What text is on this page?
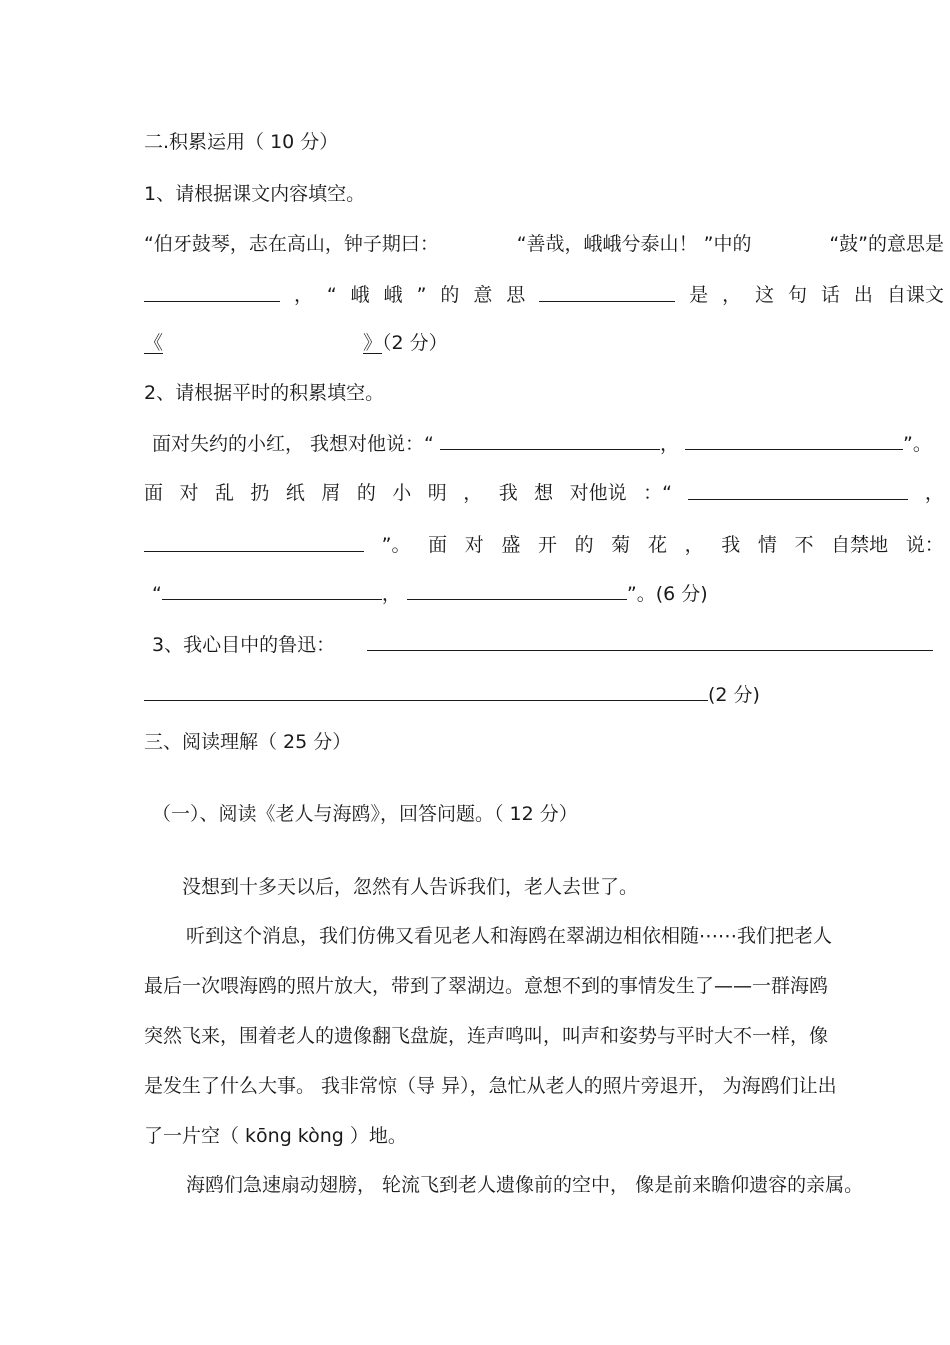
二.积累运用（ 10 分）
1、请根据课文内容填空。
“伯牙鼓琴，志在高山，钟子期曰：	“善哉，峨峨兮泰山！ ”中的	“鼓”的意思是
， “ 峨 峨 ” 的 意 思	是 ， 这 句 话 出 自课文
《	》（2 分）
2、请根据平时的积累填空。
面对失约的小红， 我想对他说：“	，	”。
面 对 乱 扔 纸 屑 的 小 明 ， 我 想 对他说 ：“	，
”。 面 对 盛 开 的 菊 花 ， 我 情 不 自禁地 说：
“	，	”。(6 分)
3、我心目中的鲁迅：
(2 分)
三、阅读理解（ 25 分）
（一）、阅读《老人与海鸥》，回答问题。（ 12 分）
没想到十多天以后，忽然有人告诉我们，老人去世了。
听到这个消息，我们仿佛又看见老人和海鸥在翠湖边相依相随⋯⋯我们把老人
最后一次喂海鸥的照片放大，带到了翠湖边。意想不到的事情发生了——一群海鸥
突然飞来，围着老人的遗像翻飞盘旋，连声鸣叫，叫声和姿势与平时大不一样，像
是发生了什么大事。 我非常惊（导 异），急忙从老人的照片旁退开， 为海鸥们让出
了一片空（ kōng kòng ）地。
海鸥们急速扇动翅膀， 轮流飞到老人遗像前的空中， 像是前来瞻仰遗容的亲属。
